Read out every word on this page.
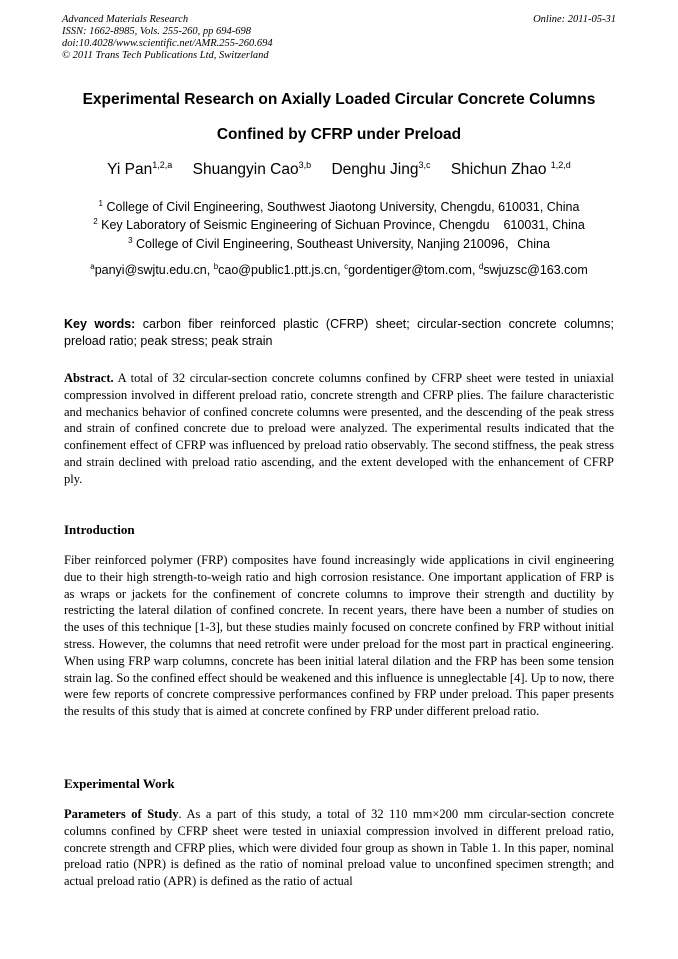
Advanced Materials Research
ISSN: 1662-8985, Vols. 255-260, pp 694-698
doi:10.4028/www.scientific.net/AMR.255-260.694
© 2011 Trans Tech Publications Ltd, Switzerland
Online: 2011-05-31
Experimental Research on Axially Loaded Circular Concrete Columns
Confined by CFRP under Preload
Yi Pan$^{1,2,a}$ Shuangyin Cao$^{3,b}$ Denghu Jing$^{3,c}$ Shichun Zhao $^{1,2,d}$
$^1$ College of Civil Engineering, Southwest Jiaotong University, Chengdu, 610031, China
$^2$ Key Laboratory of Seismic Engineering of Sichuan Province, Chengdu    610031, China
$^3$ College of Civil Engineering, Southeast University, Nanjing 210096，China
$^a$panyi@swjtu.edu.cn, $^b$cao@public1.ptt.js.cn, $^c$gordentiger@tom.com, $^d$swjuzsc@163.com
Key words: carbon fiber reinforced plastic (CFRP) sheet; circular-section concrete columns; preload ratio; peak stress; peak strain
Abstract. A total of 32 circular-section concrete columns confined by CFRP sheet were tested in uniaxial compression involved in different preload ratio, concrete strength and CFRP plies. The failure characteristic and mechanics behavior of confined concrete columns were presented, and the descending of the peak stress and strain of confined concrete due to preload were analyzed. The experimental results indicated that the confinement effect of CFRP was influenced by preload ratio observably. The second stiffness, the peak stress and strain declined with preload ratio ascending, and the extent developed with the enhancement of CFRP ply.
Introduction
Fiber reinforced polymer (FRP) composites have found increasingly wide applications in civil engineering due to their high strength-to-weigh ratio and high corrosion resistance. One important application of FRP is as wraps or jackets for the confinement of concrete columns to improve their strength and ductility by restricting the lateral dilation of confined concrete. In recent years, there have been a number of studies on the uses of this technique [1-3], but these studies mainly focused on concrete confined by FRP without initial stress. However, the columns that need retrofit were under preload for the most part in practical engineering. When using FRP warp columns, concrete has been initial lateral dilation and the FRP has been some tension strain lag. So the confined effect should be weakened and this influence is unneglectable [4]. Up to now, there were few reports of concrete compressive performances confined by FRP under preload. This paper presents the results of this study that is aimed at concrete confined by FRP under different preload ratio.
Experimental Work
Parameters of Study. As a part of this study, a total of 32 110 mm×200 mm circular-section concrete columns confined by CFRP sheet were tested in uniaxial compression involved in different preload ratio, concrete strength and CFRP plies, which were divided four group as shown in Table 1. In this paper, nominal preload ratio (NPR) is defined as the ratio of nominal preload value to unconfined specimen strength; and actual preload ratio (APR) is defined as the ratio of actual
